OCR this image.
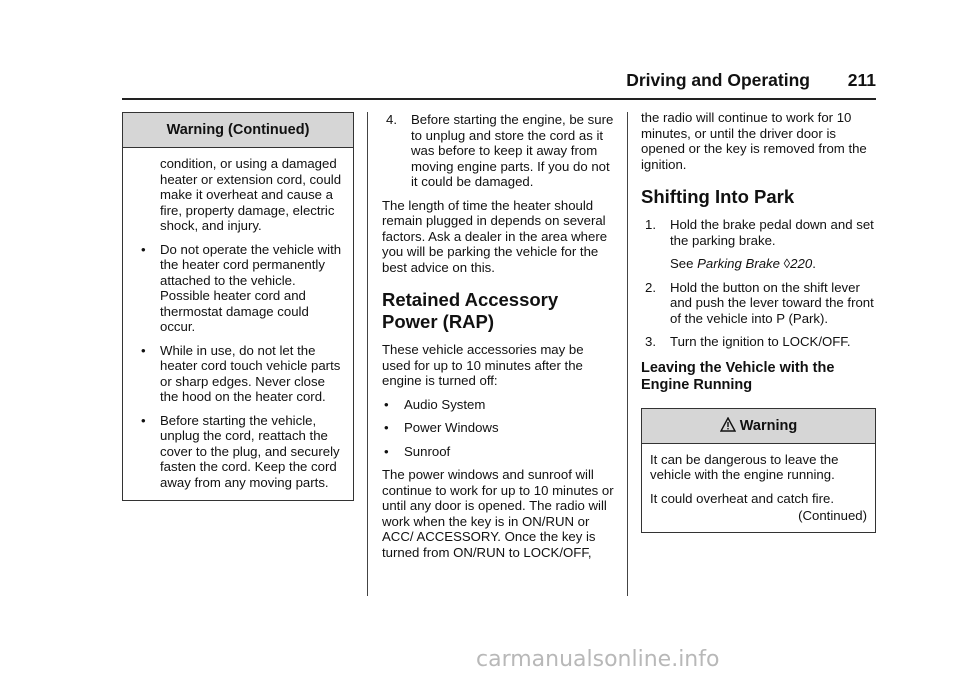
Driving and Operating 211
Warning (Continued)
condition, or using a damaged heater or extension cord, could make it overheat and cause a fire, property damage, electric shock, and injury.
• Do not operate the vehicle with the heater cord permanently attached to the vehicle. Possible heater cord and thermostat damage could occur.
• While in use, do not let the heater cord touch vehicle parts or sharp edges. Never close the hood on the heater cord.
• Before starting the vehicle, unplug the cord, reattach the cover to the plug, and securely fasten the cord. Keep the cord away from any moving parts.
4. Before starting the engine, be sure to unplug and store the cord as it was before to keep it away from moving engine parts. If you do not it could be damaged.

The length of time the heater should remain plugged in depends on several factors. Ask a dealer in the area where you will be parking the vehicle for the best advice on this.

Retained Accessory Power (RAP)

These vehicle accessories may be used for up to 10 minutes after the engine is turned off:

• Audio System
• Power Windows
• Sunroof

The power windows and sunroof will continue to work for up to 10 minutes or until any door is opened. The radio will work when the key is in ON/RUN or ACC/ ACCESSORY. Once the key is turned from ON/RUN to LOCK/OFF,

the radio will continue to work for 10 minutes, or until the driver door is opened or the key is removed from the ignition.

Shifting Into Park
1. Hold the brake pedal down and set the parking brake.
See Parking Brake ◊220.
2. Hold the button on the shift lever and push the lever toward the front of the vehicle into P (Park).
3. Turn the ignition to LOCK/OFF.
Leaving the Vehicle with the Engine Running
Warning

It can be dangerous to leave the vehicle with the engine running.

It could overheat and catch fire.
(Continued)
carmanualsonline.info
